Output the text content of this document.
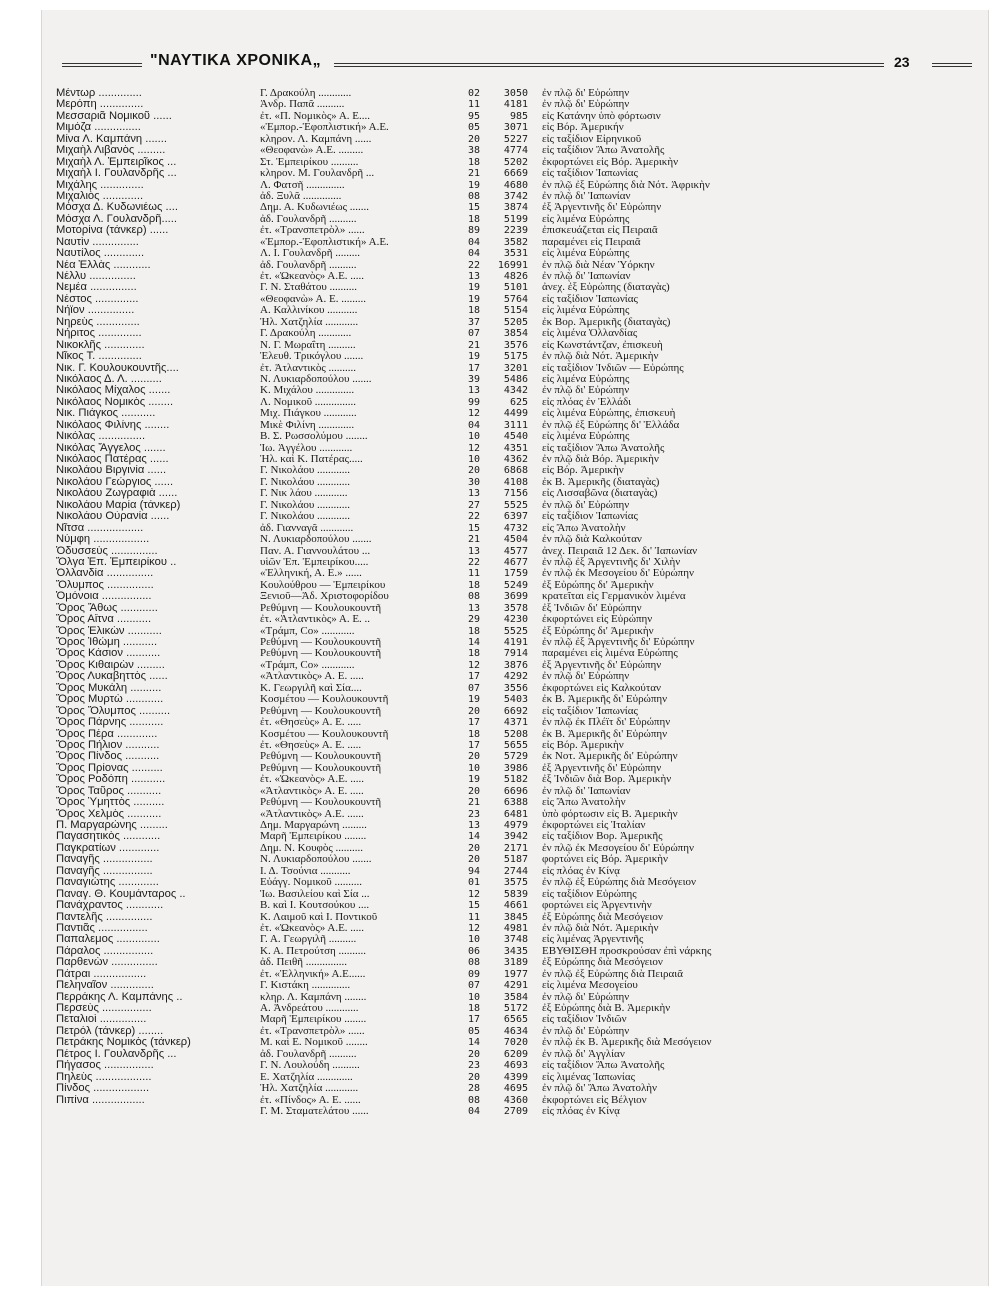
"ΝΑΥΤΙΚΑ ΧΡΟΝΙΚΑ„	23
Μέντωρ ..............	Γ. Δρακούλη ............	02	3050 ἐν πλῷ δι' Εὐρώπην
Μερόπη ..............	Ἀνδρ. Παπᾶ ..........	11	4181 ἐν πλῷ δι' Εὐρώπην
Μεσσαριᾶ Νομικοῦ ......	ἐτ. «Π. Νομικὸς» Α. Ε....	95	985 εἰς Κατάνην ὑπὸ φόρτωσιν
Μιμόζα ...............	«Ἐμπορ.-Ἐφοπλιστική» Α.Ε.	05	3071 εἰς Βόρ. Ἀμερικήν
Μίνα Λ. Καμπάνη .......	κληρον. Λ. Καμπάνη ......	20	5227 εἰς ταξίδιον Εἰρηνικοῦ
Μιχαὴλ Λιβανὸς .........	«Θεοφανὼ» Α.Ε. .........	38	4774 εἰς ταξίδιον Ἄπω Ἀνατολῆς
Μιχαὴλ Λ. Ἐμπειρῖκος ...	Στ. Ἐμπειρίκου ..........	18	5202 ἐκφορτώνει εἰς Βόρ. Ἀμερικὴν
Μιχαὴλ Ι. Γουλανδρῆς ...	κληρον. Μ. Γουλανδρῆ ...	21	6669 εἰς ταξίδιον Ἰαπωνίας
Μιχάλης ..............	Λ. Φατσῆ ..............	19	4680 ἐν πλῷ ἐξ Εὐρώπης διὰ Νότ. Ἀφρικὴν
Μιχαλιὸς .............	ἀδ. Ξυλᾶ ..............	08	3742 ἐν πλῷ δι' Ἰαπωνίαν
Μόσχα Δ. Κυδωνιέως ....	Δημ. Α. Κυδωνιέως .......	15	3874 ἐξ Ἀργεντινῆς δι' Εὐρώπην
Μόσχα Λ. Γουλανδρῆ.....	ἀδ. Γουλανδρῆ ..........	18	5199 εἰς λιμένα Εὐρώπης
Μοτορίνα (τάνκερ) ......	ἐτ. «Τρανσπετρὸλ» ......	89	2239 ἐπισκευάζεται εἰς Πειραιᾶ
Ναυτὶν ...............	«Ἐμπορ.-Ἐφοπλιστική» Α.Ε.	04	3582 παραμένει εἰς Πειραιᾶ
Ναυτίλος .............	Λ. Ι. Γουλανδρῆ .........	04	3531 εἰς λιμένα Εὐρώπης
Νέα Ἑλλὰς ............	ἀδ. Γουλανδρῆ ..........	22	16991 ἐν πλῷ διὰ Νέαν Ὑόρκην
Νέλλυ ...............	ἐτ. «Ὠκεανὸς» Α.Ε. .....	13	4826 ἐν πλῷ δι' Ἰαπωνίαν
Νεμέα ...............	Γ. Ν. Σταθάτου ..........	19	5101 ἀνεχ. ἐξ Εὐρώπης (διαταγὰς)
Νέστος ..............	«Θεοφανὼ» Α. Ε. .........	19	5764 εἰς ταξίδιον Ἰαπωνίας
Νήϊον ...............	Α. Καλλινίκου ...........	18	5154 εἰς λιμένα Εὐρώπης
Νηρεὺς ..............	Ἠλ. Χατζηλία ............	37	5205 ἐκ Βορ. Ἀμερικῆς (διαταγὰς)
Νήριτος ..............	Γ. Δρακούλη ............	07	3854 εἰς λιμένα Ὁλλανδίας
Νικοκλῆς .............	Ν. Γ. Μωραΐτη ..........	21	3576 εἰς Κωνστάντζαν, ἐπισκευὴ
Νῖκος Τ. ..............	Ἐλευθ. Τρικόγλου .......	19	5175 ἐν πλῷ διὰ Νότ. Ἀμερικὴν
Νικ. Γ. Κουλουκουντῆς....	ἐτ. Ἀτλαντικὸς ..........	17	3201 εἰς ταξίδιον Ἰνδιῶν — Εὐρώπης
Νικόλαος Δ. Λ. ..........	Ν. Λυκιαρδοπούλου .......	39	5486 εἰς λιμένα Εὐρώπης
Νικόλαος Μίχαλος .......	Κ. Μιχάλου ..............	13	4342 ἐν πλῷ δι' Εὐρώπην
Νικόλαος Νομικὸς ........	Λ. Νομικοῦ ...............	99	625 εἰς πλόας ἐν Ἑλλάδι
Νικ. Πιάγκος ...........	Μιχ. Πιάγκου ............	12	4499 εἰς λιμένα Εὐρώπης, ἐπισκευὴ
Νικόλαος Φιλίνης ........	Μικὲ Φιλίνη .............	04	3111 ἐν πλῷ ἐξ Εὐρώπης δι' Ἑλλάδα
Νικόλας ...............	Β. Σ. Ρωσσολύμου ........	10	4540 εἰς λιμένα Εὐρώπης
Νικόλας Ἄγγελος .......	Ἰω. Ἀγγέλου ............	12	4351 εἰς ταξίδιον Ἄπω Ἀνατολῆς
Νικόλαος Πατέρας ......	Ἠλ. καὶ Κ. Πατέρας.....	10	4362 ἐν πλῷ διὰ Βόρ. Ἀμερικὴν
Νικολάου Βιργινία ......	Γ. Νικολάου ............	20	6868 εἰς Βόρ. Ἀμερικὴν
Νικολάου Γεώργιος ......	Γ. Νικολάου ............	30	4108 ἐκ Β. Ἀμερικῆς (διαταγὰς)
Νικολάου Ζωγραφιὰ ......	Γ. Νικ λάου ............	13	7156 εἰς Λισσαβῶνα (διαταγὰς)
Νικολάου Μαρία (τάνκερ)	Γ. Νικολάου ............	27	5525 ἐν πλῷ δι' Εὐρώπην
Νικολάου Οὐρανία ......	Γ. Νικολάου ............	22	6397 εἰς ταξίδιον Ἰαπωνίας
Νῖτσα ..................	ἀδ. Γιανναγᾶ ............	15	4732 εἰς Ἄπω Ἀνατολὴν
Νύμφη ..................	Ν. Λυκιαρδοπούλου .......	21	4504 ἐν πλῷ διὰ Καλκούταν
Ὀδυσσεὺς ...............	Παν. Α. Γιαννουλάτου ...	13	4577 ἀνεχ. Πειραιᾶ 12 Δεκ. δι' Ἰαπωνίαν
Ὄλγα Ἐπ. Ἐμπειρίκου ..	υἱῶν Ἐπ. Ἐμπειρίκου.....	22	4677 ἐν πλῷ ἐξ Ἀργεντινῆς δι' Χιλὴν
Ὁλλανδία ...............	«Ἑλληνική, Α. Ε.» ......	11	1759 ἐν πλῷ ἐκ Μεσογείου δι' Εὐρώπην
Ὄλυμπος ...............	Κουλούθρου — Ἐμπειρίκου	18	5249 ἐξ Εὐρώπης δι' Ἀμερικὴν
Ὁμόνοια ................	Ξενιοῦ—Ἀδ. Χριστοφορίδου	08	3699 κρατεῖται εἰς Γερμανικὸν λιμένα
Ὄρος Ἄθως ............	Ρεθύμνη — Κουλουκουντῆ	13	3578 ἐξ Ἰνδιῶν δι' Εὐρώπην
Ὄρος Αἴτνα ...........	ἐτ. «Ἀτλαντικὸς» Α. Ε. ..	29	4230 ἐκφορτώνει εἰς Εὐρώπην
Ὄρος Ἑλικὼν ...........	«Τράμπ, Co» ............	18	5525 ἐξ Εὐρώπης δι' Ἀμερικὴν
Ὄρος Ἰθώμη ...........	Ρεθύμνη — Κουλουκουντῆ	14	4191 ἐν πλῷ ἐξ Ἀργεντινῆς δι' Εὐρώπην
Ὄρος Κάσιον ...........	Ρεθύμνη — Κουλουκουντῆ	18	7914 παραμένει εἰς λιμένα Εὐρώπης
Ὄρος Κιθαιρὼν .........	«Τράμπ, Co» ............	12	3876 ἐξ Ἀργεντινῆς δι' Εὐρώπην
Ὄρος Λυκαβηττὸς ......	«Ἀτλαντικὸς» Α. Ε. .....	17	4292 ἐν πλῷ δι' Εὐρώπην
Ὄρος Μυκάλη ..........	Κ. Γεωργιλῆ καὶ Σία....	07	3556 ἐκφορτώνει εἰς Καλκούταν
Ὄρος Μυρτὼ ............	Κοσμέτου — Κουλουκουντῆ	19	5403 ἐκ Β. Ἀμερικῆς δι' Εὐρώπην
Ὄρος Ὄλυμπος ..........	Ρεθύμνη — Κουλουκουντῆ	20	6692 εἰς ταξίδιον Ἰαπωνίας
Ὄρος Πάρνης ...........	ἐτ. «Θησεὺς» Α. Ε. .....	17	4371 ἐν πλῷ ἐκ Πλέϊτ δι' Εὐρώπην
Ὄρος Πέρα .............	Κοσμέτου — Κουλουκουντῆ	18	5208 ἐκ Β. Ἀμερικῆς δι' Εὐρώπην
Ὄρος Πήλιον ...........	ἐτ. «Θησεὺς» Α. Ε. .....	17	5655 εἰς Βόρ. Ἀμερικὴν
Ὄρος Πίνδος ...........	Ρεθύμνη — Κουλουκουντῆ	20	5729 ἐκ Νοτ. Ἀμερικῆς δι' Εὐρώπην
Ὄρος Πρίονας ..........	Ρεθύμνη — Κουλουκουντῆ	10	3986 ἐξ Ἀργεντινῆς δι' Εὐρώπην
Ὄρος Ροδόπη ...........	ἐτ. «Ὠκεανὸς» Α.Ε. .....	19	5182 ἐξ Ἰνδιῶν διὰ Βορ. Ἀμερικὴν
Ὄρος Ταῦρος ...........	«Ἀτλαντικὸς» Α. Ε. .....	20	6696 ἐν πλῷ δι' Ἰαπωνίαν
Ὄρος Ὑμηττὸς ..........	Ρεθύμνη — Κουλουκουντῆ	21	6388 εἰς Ἄπω Ἀνατολὴν
Ὄρος Χελμὸς ...........	«Ἀτλαντικὸς» Α.Ε. ......	23	6481 ὑπὸ φόρτωσιν εἰς Β. Ἀμερικὴν
Π. Μαργαρώνης .........	Δημ. Μαργαρώνη .........	13	4979 ἐκφορτώνει εἰς Ἰταλίαν
Παγασητικὸς ............	Μαρῆ Ἐμπειρίκου ........	14	3942 εἰς ταξίδιον Βορ. Ἀμερικῆς
Παγκρατίων .............	Δημ. Ν. Κουφὸς ..........	20	2171 ἐν πλῷ ἐκ Μεσογείου δι' Εὐρώπην
Παναγῆς ................	Ν. Λυκιαρδοπούλου .......	20	5187 φορτώνει εἰς Βόρ. Ἀμερικὴν
Παναγῆς ................	Ι. Δ. Τσούνια ...........	94	2744 εἰς πλόας ἐν Κίνᾳ
Παναγιώτης .............	Εὐάγγ. Νομικοῦ ..........	01	3575 ἐν πλῷ ἐξ Εὐρώπης διὰ Μεσόγειον
Παναγ. Θ. Κουμάνταρος ..	Ἰω. Βασιλείου καὶ Σία ...	12	5839 εἰς ταξίδιον Εὐρώπης
Πανάχραντος ............	Β. καὶ Ι. Κουτσούκου ....	15	4661 φορτώνει εἰς Ἀργεντινὴν
Παντελῆς ...............	Κ. Λαιμοῦ καὶ Ι. Ποντικοῦ	11	3845 ἐξ Εὐρώπης διὰ Μεσόγειον
Παντιᾶς ................	ἐτ. «Ὠκεανὸς» Α.Ε. .....	12	4981 ἐν πλῷ διὰ Νότ. Ἀμερικὴν
Παπαλεμος ..............	Γ. Α. Γεωργιλῆ ..........	10	3748 εἰς λιμένας Ἀργεντινῆς
Πάραλος ................	Κ. Α. Πετρούτση ..........	06	3435 ΕΒΥΘΙΣΘΗ προσκρούσαν ἐπὶ νάρκης
Παρθενὼν ...............	ἀδ. Πειθῆ ...............	08	3189 ἐξ Εὐρώπης διὰ Μεσόγειον
Πάτραι .................	ἐτ. «Ἑλληνική» Α.Ε......	09	1977 ἐν πλῷ ἐξ Εὐρώπης διὰ Πειραιᾶ
Πεληναῖον ..............	Γ. Κιστάκη ..............	07	4291 εἰς λιμένα Μεσογείου
Περράκης Λ. Καμπάνης ..	κληρ. Λ. Καμπάνη ........	10	3584 ἐν πλῷ δι' Εὐρώπην
Περσεὺς ................	Α. Ἀνδρεάτου ............	18	5172 ἐξ Εὐρώπης διὰ Β. Ἀμερικὴν
Πεταλιοὶ ...............	Μαρῆ Ἐμπειρίκου ........	17	6565 εἰς ταξίδιον Ἰνδιῶν
Πετρόλ (τάνκερ) ........	ἐτ. «Τρανσπετρὸλ» ......	05	4634 ἐν πλῷ δι' Εὐρώπην
Πετράκης Νομικὸς (τάνκερ)	Μ. καὶ Ε. Νομικοῦ ........	14	7020 ἐν πλῷ ἐκ Β. Ἀμερικῆς διὰ Μεσόγειον
Πέτρος Ι. Γουλανδρῆς ...	ἀδ. Γουλανδρῆ ..........	20	6209 ἐν πλῷ δι' Ἀγγλίαν
Πήγασος ................	Γ. Ν. Λουλούδη ..........	23	4693 εἰς ταξίδιον Ἄπω Ἀνατολῆς
Πηλεὺς ..................	Ε. Χατζηλία .............	20	4399 εἰς λιμένας Ἰαπωνίας
Πίνδος ..................	Ἠλ. Χατζηλία ............	28	4695 ἐν πλῷ δι' Ἄπω Ἀνατολὴν
Πιπίνα .................	ἐτ. «Πίνδος» Α. Ε. ......	08	4360 ἐκφορτώνει εἰς Βέλγιον
Γ. Μ. Σταματελάτου ......	04	2709 εἰς πλόας ἐν Κίνᾳ
